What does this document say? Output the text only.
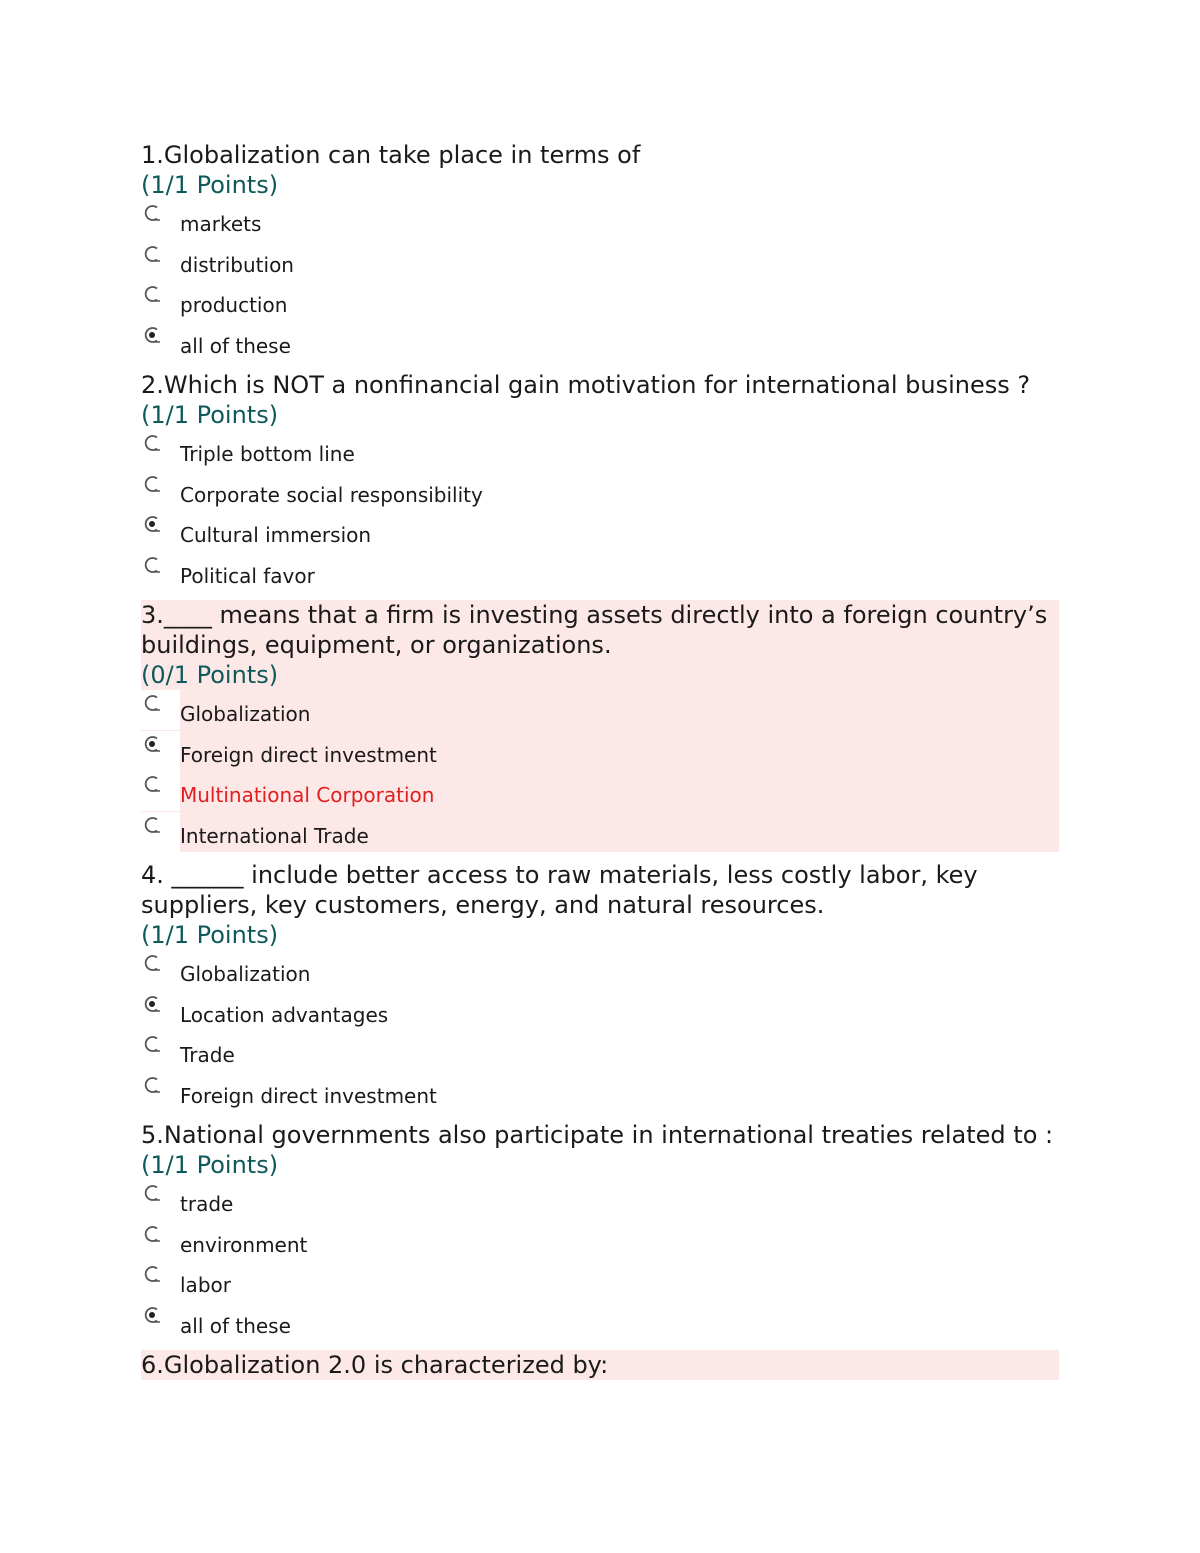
1.Globalization can take place in terms of

(1/1 Points)

markets
distribution
production
all of these

2.Which is NOT a nonfinancial gain motivation for international business ?

(1/1 Points)

Triple bottom line
Corporate social responsibility
Cultural immersion
Political favor

3.____ means that a firm is investing assets directly into a foreign country’s buildings, equipment, or organizations.

(0/1 Points)

Globalization
Foreign direct investment
Multinational Corporation
International Trade

4. ______ include better access to raw materials, less costly labor, key suppliers, key customers, energy, and natural resources.

(1/1 Points)

Globalization
Location advantages
Trade
Foreign direct investment

5.National governments also participate in international treaties related to :

(1/1 Points)

trade
environment
labor
all of these

6.Globalization 2.0 is characterized by:
